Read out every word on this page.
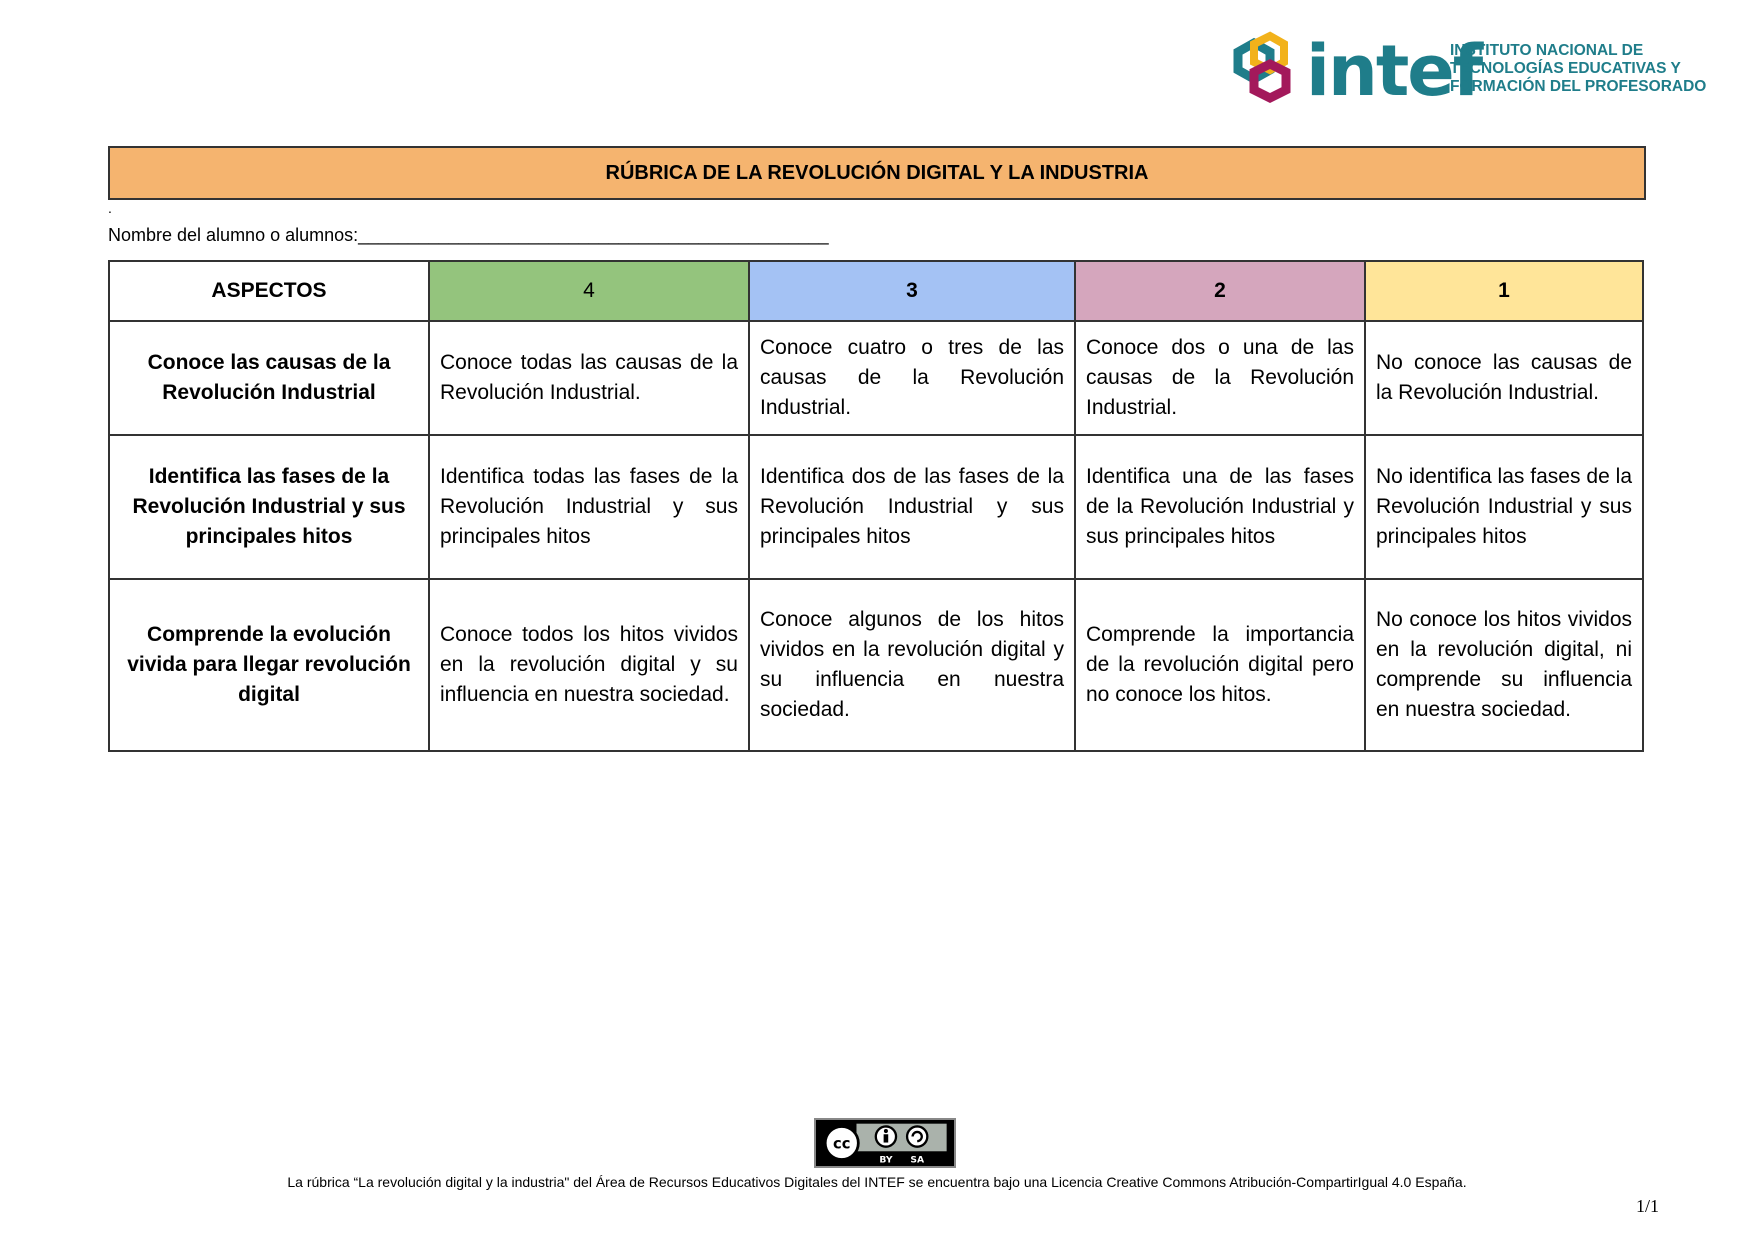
intef
INSTITUTO NACIONAL DE
TECNOLOGÍAS EDUCATIVAS Y
FORMACIÓN DEL PROFESORADO
RÚBRICA DE LA REVOLUCIÓN DIGITAL Y LA INDUSTRIA
.
Nombre del alumno o alumnos:_______________________________________________
ASPECTOS	4	3	2	1
Conoce las causas de la Revolución Industrial	Conoce todas las causas de la Revolución Industrial.	Conoce cuatro o tres de las causas de la Revolución Industrial.	Conoce dos o una de las causas de la Revolución Industrial.	No conoce las causas de la Revolución Industrial.
Identifica las fases de la Revolución Industrial y sus principales hitos	Identifica todas las fases de la Revolución Industrial y sus principales hitos	Identifica dos de las fases de la Revolución Industrial y sus principales hitos	Identifica una de las fases de la Revolución Industrial y sus principales hitos	No identifica las fases de la Revolución Industrial y sus principales hitos
Comprende la evolución vivida para llegar revolución digital	Conoce todos los hitos vividos en la revolución digital y su influencia en nuestra sociedad.	Conoce algunos de los hitos vividos en la revolución digital y su influencia en nuestra sociedad.	Comprende la importancia de la revolución digital pero no conoce los hitos.	No conoce los hitos vividos en la revolución digital, ni comprende su influencia en nuestra sociedad.
cc
BY SA
La rúbrica “La revolución digital y la industria" del Área de Recursos Educativos Digitales del INTEF se encuentra bajo una Licencia Creative Commons Atribución-CompartirIgual 4.0 España.
1/1
